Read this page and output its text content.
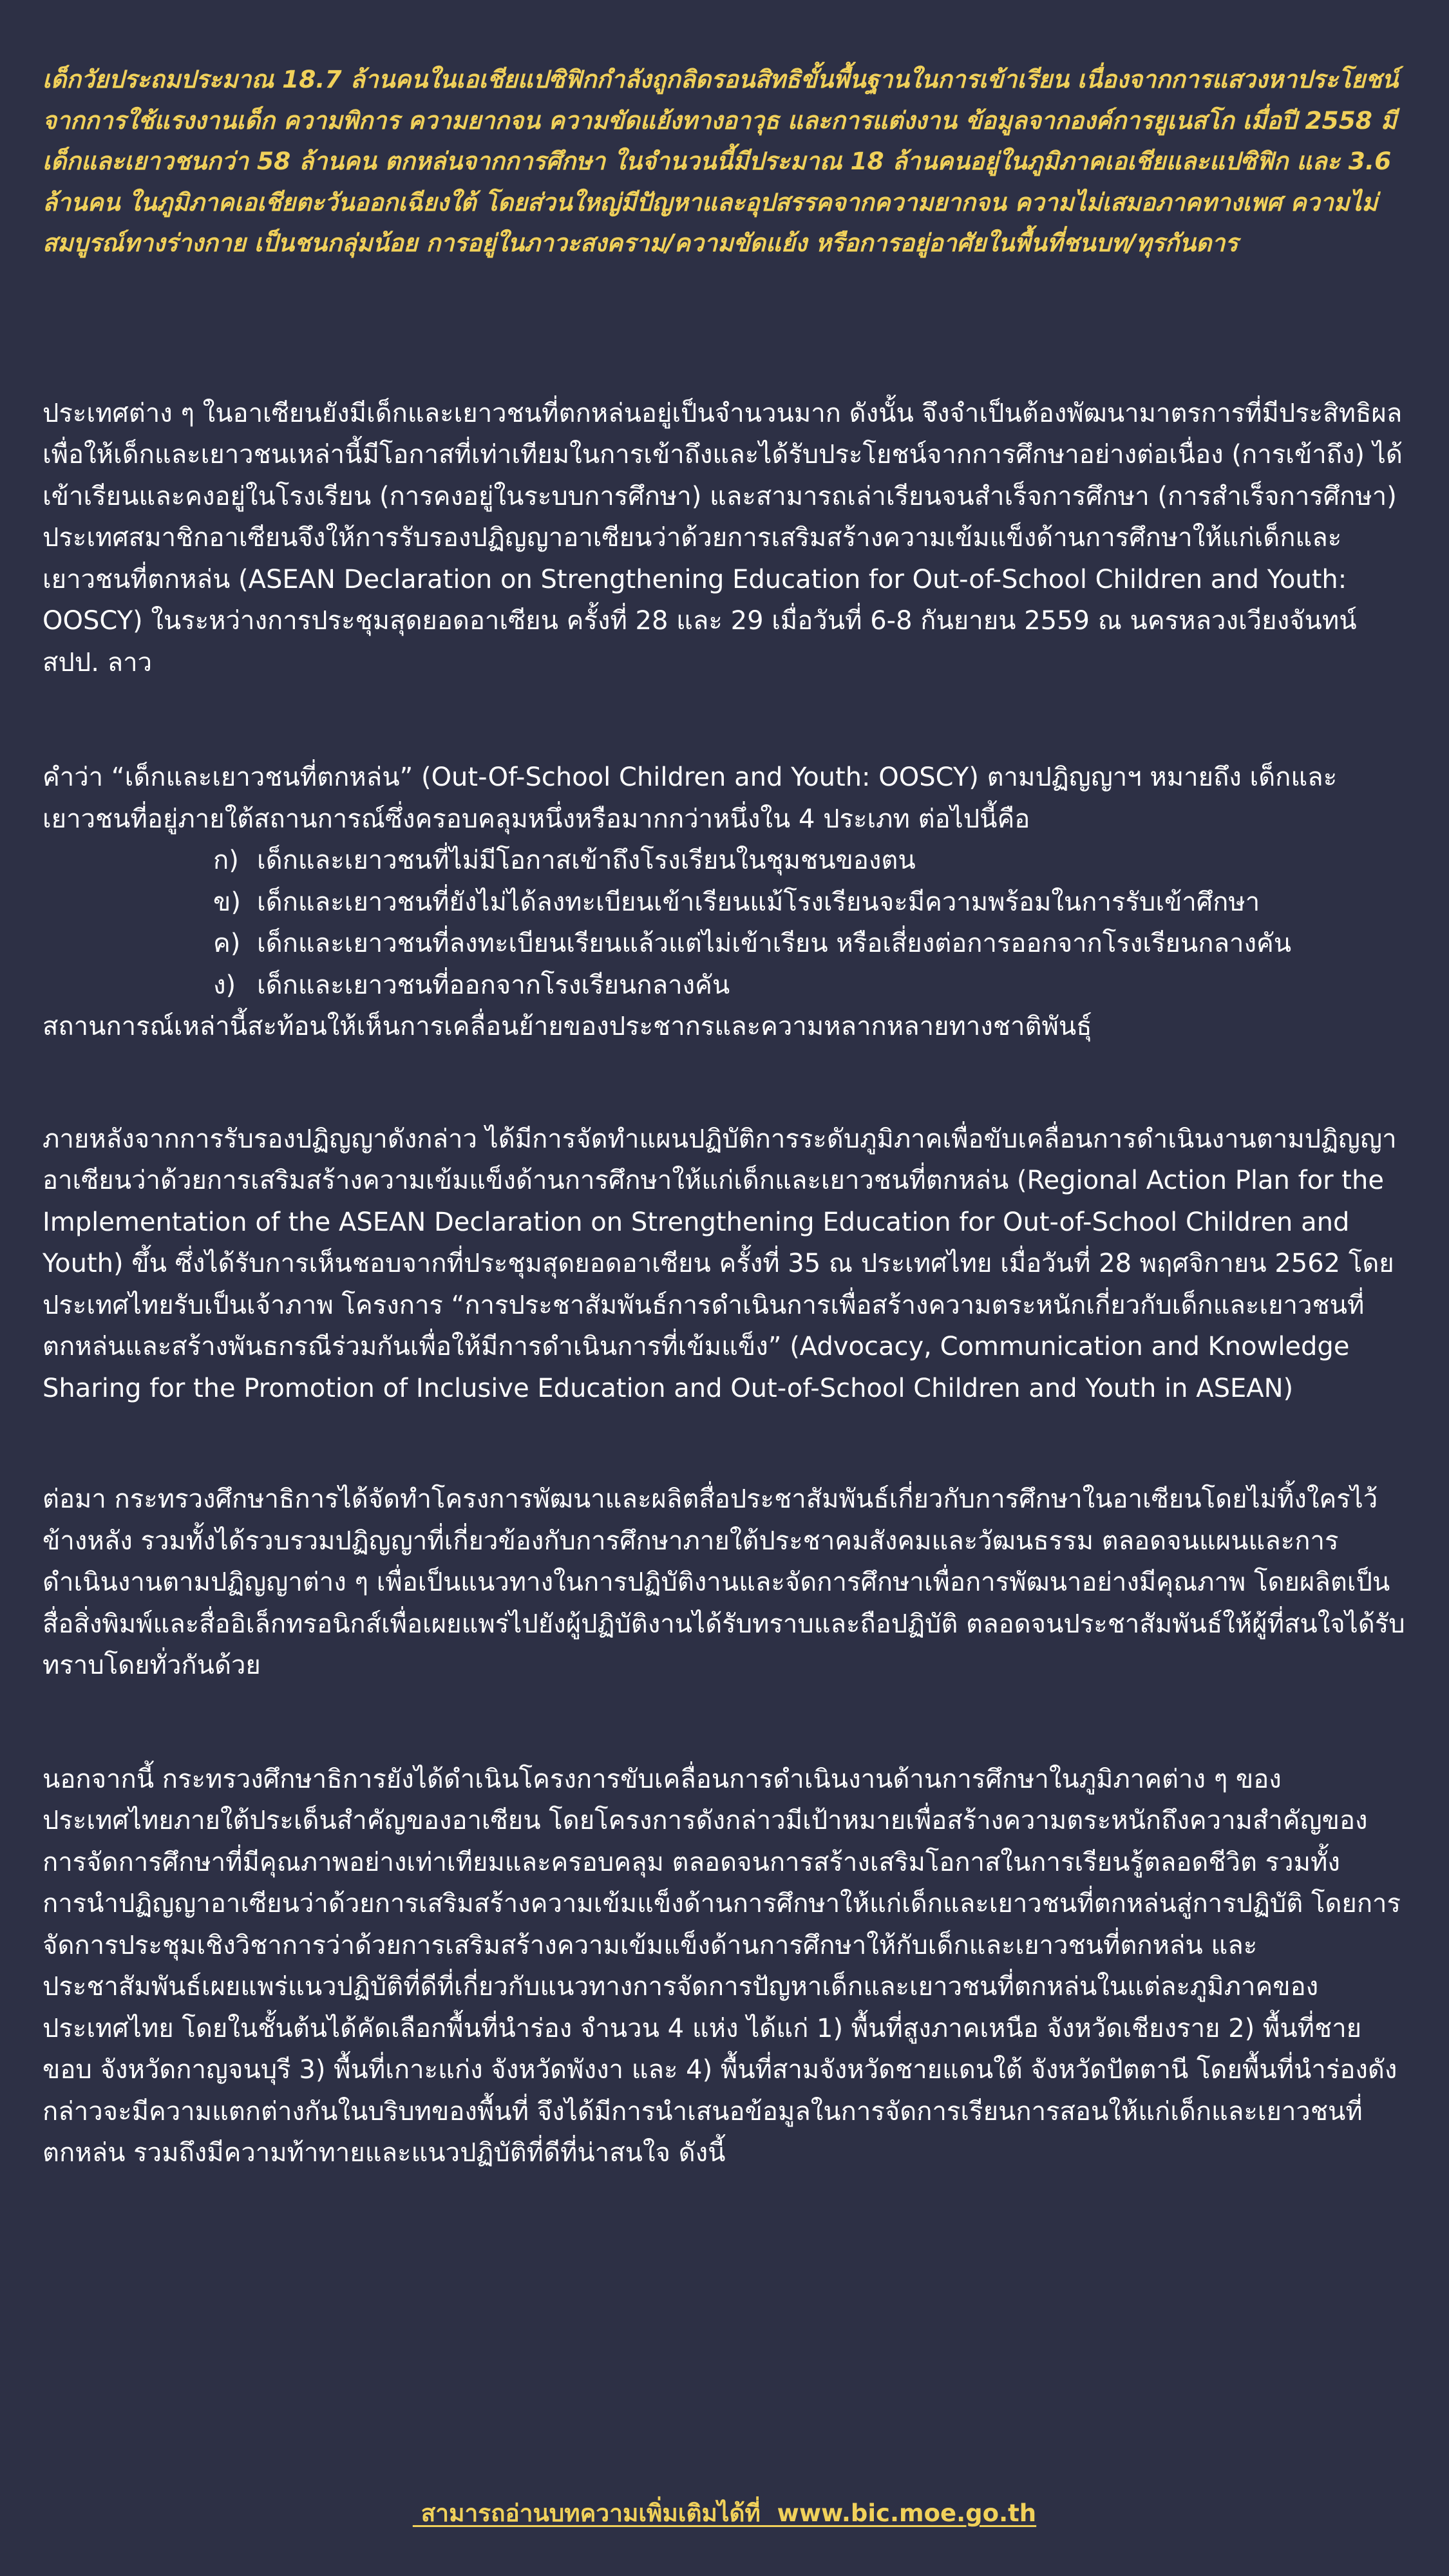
เด็กวัยประถมประมาณ 18.7 ล้านคนในเอเชียแปซิฟิกกำลังถูกลิดรอนสิทธิขั้นพื้นฐานในการเข้าเรียน เนื่องจากการแสวงหาประโยชน์จากการใช้แรงงานเด็ก ความพิการ ความยากจน ความขัดแย้งทางอาวุธ และการแต่งงาน ข้อมูลจากองค์การยูเนสโก เมื่อปี 2558 มีเด็กและเยาวชนกว่า 58 ล้านคน ตกหล่นจากการศึกษา ในจำนวนนี้มีประมาณ 18 ล้านคนอยู่ในภูมิภาคเอเชียและแปซิฟิก และ 3.6 ล้านคน ในภูมิภาคเอเชียตะวันออกเฉียงใต้ โดยส่วนใหญ่มีปัญหาและอุปสรรคจากความยากจน ความไม่เสมอภาคทางเพศ ความไม่สมบูรณ์ทางร่างกาย เป็นชนกลุ่มน้อย การอยู่ในภาวะสงคราม/ความขัดแย้ง หรือการอยู่อาศัยในพื้นที่ชนบท/ทุรกันดาร

ประเทศต่าง ๆ ในอาเซียนยังมีเด็กและเยาวชนที่ตกหล่นอยู่เป็นจำนวนมาก ดังนั้น จึงจำเป็นต้องพัฒนามาตรการที่มีประสิทธิผลเพื่อให้เด็กและเยาวชนเหล่านี้มีโอกาสที่เท่าเทียมในการเข้าถึงและได้รับประโยชน์จากการศึกษาอย่างต่อเนื่อง (การเข้าถึง) ได้เข้าเรียนและคงอยู่ในโรงเรียน (การคงอยู่ในระบบการศึกษา) และสามารถเล่าเรียนจนสำเร็จการศึกษา (การสำเร็จการศึกษา) ประเทศสมาชิกอาเซียนจึงให้การรับรองปฏิญญาอาเซียนว่าด้วยการเสริมสร้างความเข้มแข็งด้านการศึกษาให้แก่เด็กและเยาวชนที่ตกหล่น (ASEAN Declaration on Strengthening Education for Out-of-School Children and Youth: OOSCY) ในระหว่างการประชุมสุดยอดอาเซียน ครั้งที่ 28 และ 29 เมื่อวันที่ 6-8 กันยายน 2559 ณ นครหลวงเวียงจันทน์ สปป. ลาว

คำว่า “เด็กและเยาวชนที่ตกหล่น” (Out-Of-School Children and Youth: OOSCY) ตามปฏิญญาฯ หมายถึง เด็กและเยาวชนที่อยู่ภายใต้สถานการณ์ซึ่งครอบคลุมหนึ่งหรือมากกว่าหนึ่งใน 4 ประเภท ต่อไปนี้คือ

ก) เด็กและเยาวชนที่ไม่มีโอกาสเข้าถึงโรงเรียนในชุมชนของตน
ข) เด็กและเยาวชนที่ยังไม่ได้ลงทะเบียนเข้าเรียนแม้โรงเรียนจะมีความพร้อมในการรับเข้าศึกษา
ค) เด็กและเยาวชนที่ลงทะเบียนเรียนแล้วแต่ไม่เข้าเรียน หรือเสี่ยงต่อการออกจากโรงเรียนกลางคัน
ง) เด็กและเยาวชนที่ออกจากโรงเรียนกลางคัน

สถานการณ์เหล่านี้สะท้อนให้เห็นการเคลื่อนย้ายของประชากรและความหลากหลายทางชาติพันธุ์

ภายหลังจากการรับรองปฏิญญาดังกล่าว ได้มีการจัดทำแผนปฏิบัติการระดับภูมิภาคเพื่อขับเคลื่อนการดำเนินงานตามปฏิญญาอาเซียนว่าด้วยการเสริมสร้างความเข้มแข็งด้านการศึกษาให้แก่เด็กและเยาวชนที่ตกหล่น (Regional Action Plan for the Implementation of the ASEAN Declaration on Strengthening Education for Out-of-School Children and Youth) ขึ้น ซึ่งได้รับการเห็นชอบจากที่ประชุมสุดยอดอาเซียน ครั้งที่ 35 ณ ประเทศไทย เมื่อวันที่ 28 พฤศจิกายน 2562 โดยประเทศไทยรับเป็นเจ้าภาพ โครงการ “การประชาสัมพันธ์การดำเนินการเพื่อสร้างความตระหนักเกี่ยวกับเด็กและเยาวชนที่ตกหล่นและสร้างพันธกรณีร่วมกันเพื่อให้มีการดำเนินการที่เข้มแข็ง” (Advocacy, Communication and Knowledge Sharing for the Promotion of Inclusive Education and Out-of-School Children and Youth in ASEAN)

ต่อมา กระทรวงศึกษาธิการได้จัดทำโครงการพัฒนาและผลิตสื่อประชาสัมพันธ์เกี่ยวกับการศึกษาในอาเซียนโดยไม่ทิ้งใครไว้ข้างหลัง รวมทั้งได้รวบรวมปฏิญญาที่เกี่ยวข้องกับการศึกษาภายใต้ประชาคมสังคมและวัฒนธรรม ตลอดจนแผนและการดำเนินงานตามปฏิญญาต่าง ๆ เพื่อเป็นแนวทางในการปฏิบัติงานและจัดการศึกษาเพื่อการพัฒนาอย่างมีคุณภาพ โดยผลิตเป็นสื่อสิ่งพิมพ์และสื่ออิเล็กทรอนิกส์เพื่อเผยแพร่ไปยังผู้ปฏิบัติงานได้รับทราบและถือปฏิบัติ ตลอดจนประชาสัมพันธ์ให้ผู้ที่สนใจได้รับทราบโดยทั่วกันด้วย

นอกจากนี้ กระทรวงศึกษาธิการยังได้ดำเนินโครงการขับเคลื่อนการดำเนินงานด้านการศึกษาในภูมิภาคต่าง ๆ ของประเทศไทยภายใต้ประเด็นสำคัญของอาเซียน โดยโครงการดังกล่าวมีเป้าหมายเพื่อสร้างความตระหนักถึงความสำคัญของการจัดการศึกษาที่มีคุณภาพอย่างเท่าเทียมและครอบคลุม ตลอดจนการสร้างเสริมโอกาสในการเรียนรู้ตลอดชีวิต รวมทั้งการนำปฏิญญาอาเซียนว่าด้วยการเสริมสร้างความเข้มแข็งด้านการศึกษาให้แก่เด็กและเยาวชนที่ตกหล่นสู่การปฏิบัติ โดยการจัดการประชุมเชิงวิชาการว่าด้วยการเสริมสร้างความเข้มแข็งด้านการศึกษาให้กับเด็กและเยาวชนที่ตกหล่น และประชาสัมพันธ์เผยแพร่แนวปฏิบัติที่ดีที่เกี่ยวกับแนวทางการจัดการปัญหาเด็กและเยาวชนที่ตกหล่นในแต่ละภูมิภาคของประเทศไทย โดยในชั้นต้นได้คัดเลือกพื้นที่นำร่อง จำนวน 4 แห่ง ได้แก่ 1) พื้นที่สูงภาคเหนือ จังหวัดเชียงราย 2) พื้นที่ชายขอบ จังหวัดกาญจนบุรี 3) พื้นที่เกาะแก่ง จังหวัดพังงา และ 4) พื้นที่สามจังหวัดชายแดนใต้ จังหวัดปัตตานี โดยพื้นที่นำร่องดังกล่าวจะมีความแตกต่างกันในบริบทของพื้นที่ จึงได้มีการนำเสนอข้อมูลในการจัดการเรียนการสอนให้แก่เด็กและเยาวชนที่ตกหล่น รวมถึงมีความท้าทายและแนวปฏิบัติที่ดีที่น่าสนใจ ดังนี้

สามารถอ่านบทความเพิ่มเติมได้ที่  www.bic.moe.go.th
